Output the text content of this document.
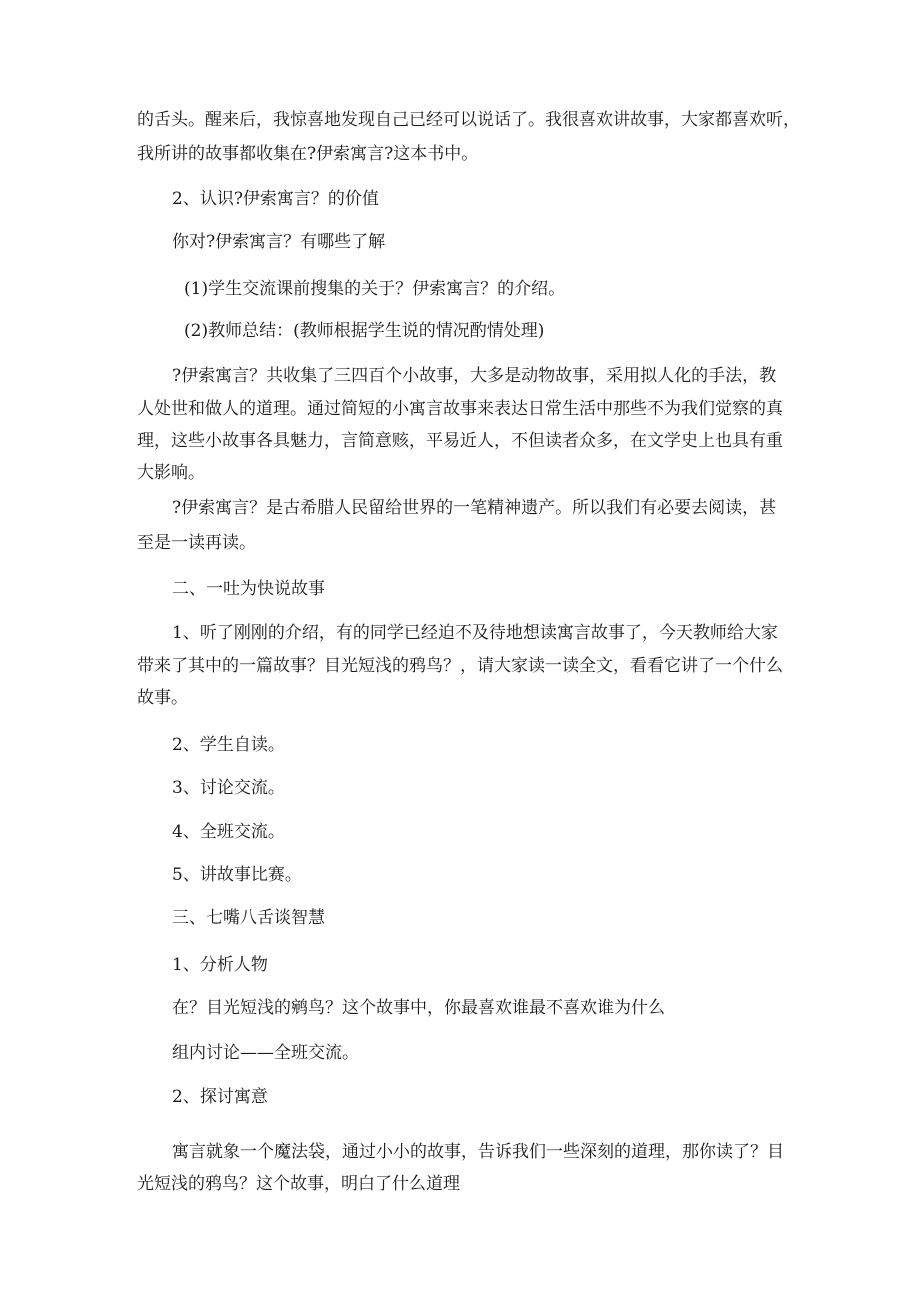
的舌头。醒来后，我惊喜地发现自己已经可以说话了。我很喜欢讲故事，大家都喜欢听，
我所讲的故事都收集在?伊索寓言?这本书中。
2、认识?伊索寓言？的价值
你对?伊索寓言？有哪些了解
(1)学生交流课前搜集的关于？伊索寓言？的介绍。
(2)教师总结：(教师根据学生说的情况酌情处理)
?伊索寓言？共收集了三四百个小故事，大多是动物故事，采用拟人化的手法，教
人处世和做人的道理。通过简短的小寓言故事来表达日常生活中那些不为我们觉察的真
理，这些小故事各具魅力，言简意赅，平易近人，不但读者众多，在文学史上也具有重
大影响。
?伊索寓言？是古希腊人民留给世界的一笔精神遗产。所以我们有必要去阅读，甚
至是一读再读。
二、一吐为快说故事
1、听了刚刚的介绍，有的同学已经迫不及待地想读寓言故事了，今天教师给大家
带来了其中的一篇故事？目光短浅的鸦鸟？，请大家读一读全文，看看它讲了一个什么
故事。
2、学生自读。
3、讨论交流。
4、全班交流。
5、讲故事比赛。
三、七嘴八舌谈智慧
1、分析人物
在？目光短浅的鹓鸟？这个故事中，你最喜欢谁最不喜欢谁为什么
组内讨论——全班交流。
2、探讨寓意
寓言就象一个魔法袋，通过小小的故事，告诉我们一些深刻的道理，那你读了？目
光短浅的鸦鸟？这个故事，明白了什么道理
